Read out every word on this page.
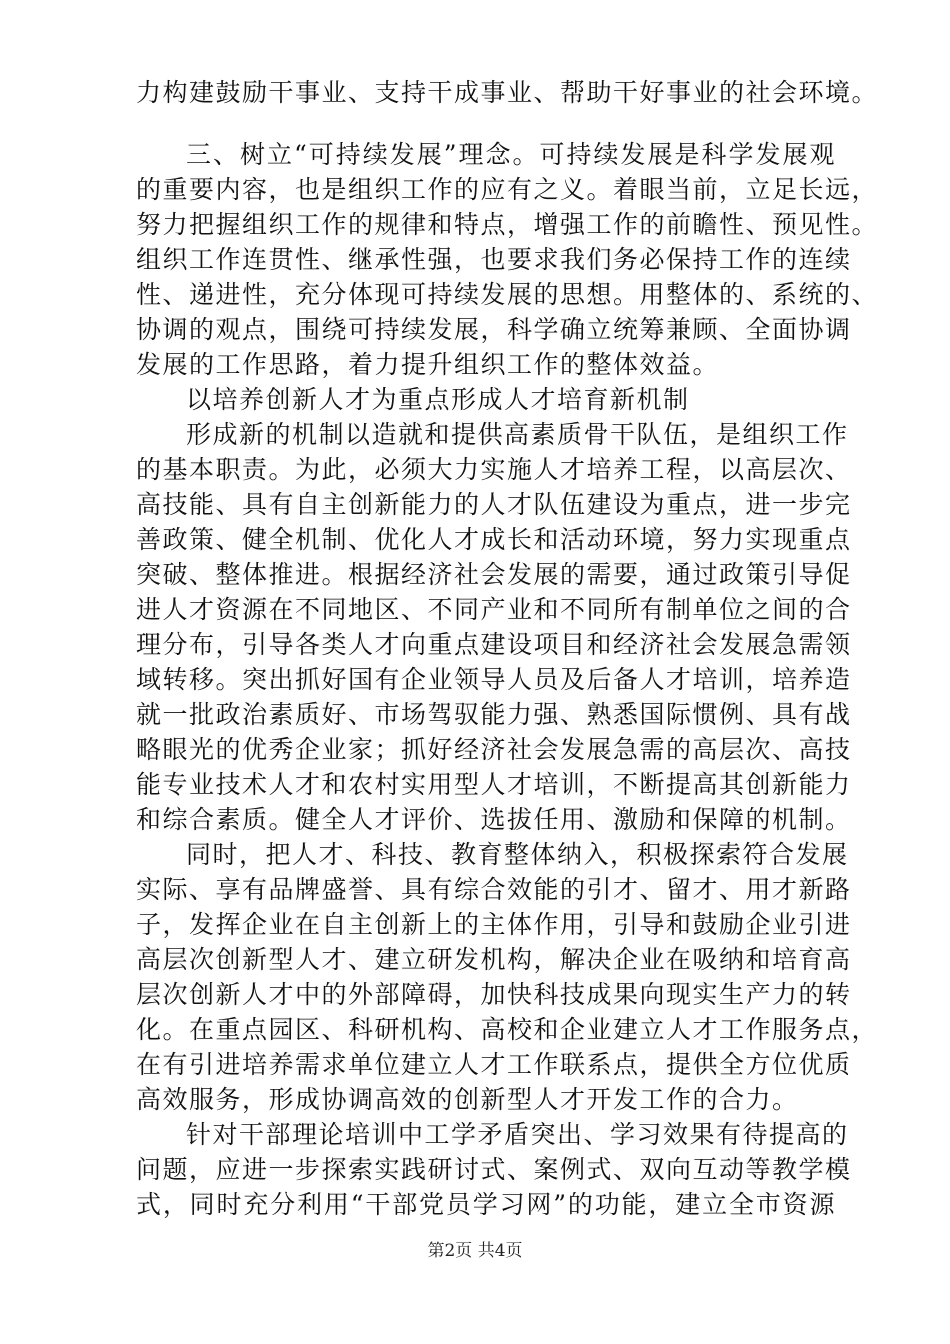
力构建鼓励干事业、支持干成事业、帮助干好事业的社会环境。
三、树立“可持续发展”理念。可持续发展是科学发展观
的重要内容，也是组织工作的应有之义。着眼当前，立足长远，
努力把握组织工作的规律和特点，增强工作的前瞻性、预见性。
组织工作连贯性、继承性强，也要求我们务必保持工作的连续
性、递进性，充分体现可持续发展的思想。用整体的、系统的、
协调的观点，围绕可持续发展，科学确立统筹兼顾、全面协调
发展的工作思路，着力提升组织工作的整体效益。
以培养创新人才为重点形成人才培育新机制
形成新的机制以造就和提供高素质骨干队伍，是组织工作
的基本职责。为此，必须大力实施人才培养工程，以高层次、
高技能、具有自主创新能力的人才队伍建设为重点，进一步完
善政策、健全机制、优化人才成长和活动环境，努力实现重点
突破、整体推进。根据经济社会发展的需要，通过政策引导促
进人才资源在不同地区、不同产业和不同所有制单位之间的合
理分布，引导各类人才向重点建设项目和经济社会发展急需领
域转移。突出抓好国有企业领导人员及后备人才培训，培养造
就一批政治素质好、市场驾驭能力强、熟悉国际惯例、具有战
略眼光的优秀企业家；抓好经济社会发展急需的高层次、高技
能专业技术人才和农村实用型人才培训，不断提高其创新能力
和综合素质。健全人才评价、选拔任用、激励和保障的机制。
同时，把人才、科技、教育整体纳入，积极探索符合发展
实际、享有品牌盛誉、具有综合效能的引才、留才、用才新路
子，发挥企业在自主创新上的主体作用，引导和鼓励企业引进
高层次创新型人才、建立研发机构，解决企业在吸纳和培育高
层次创新人才中的外部障碍，加快科技成果向现实生产力的转
化。在重点园区、科研机构、高校和企业建立人才工作服务点，
在有引进培养需求单位建立人才工作联系点，提供全方位优质
高效服务，形成协调高效的创新型人才开发工作的合力。
针对干部理论培训中工学矛盾突出、学习效果有待提高的
问题，应进一步探索实践研讨式、案例式、双向互动等教学模
式，同时充分利用“干部党员学习网”的功能，建立全市资源
第2页 共4页
